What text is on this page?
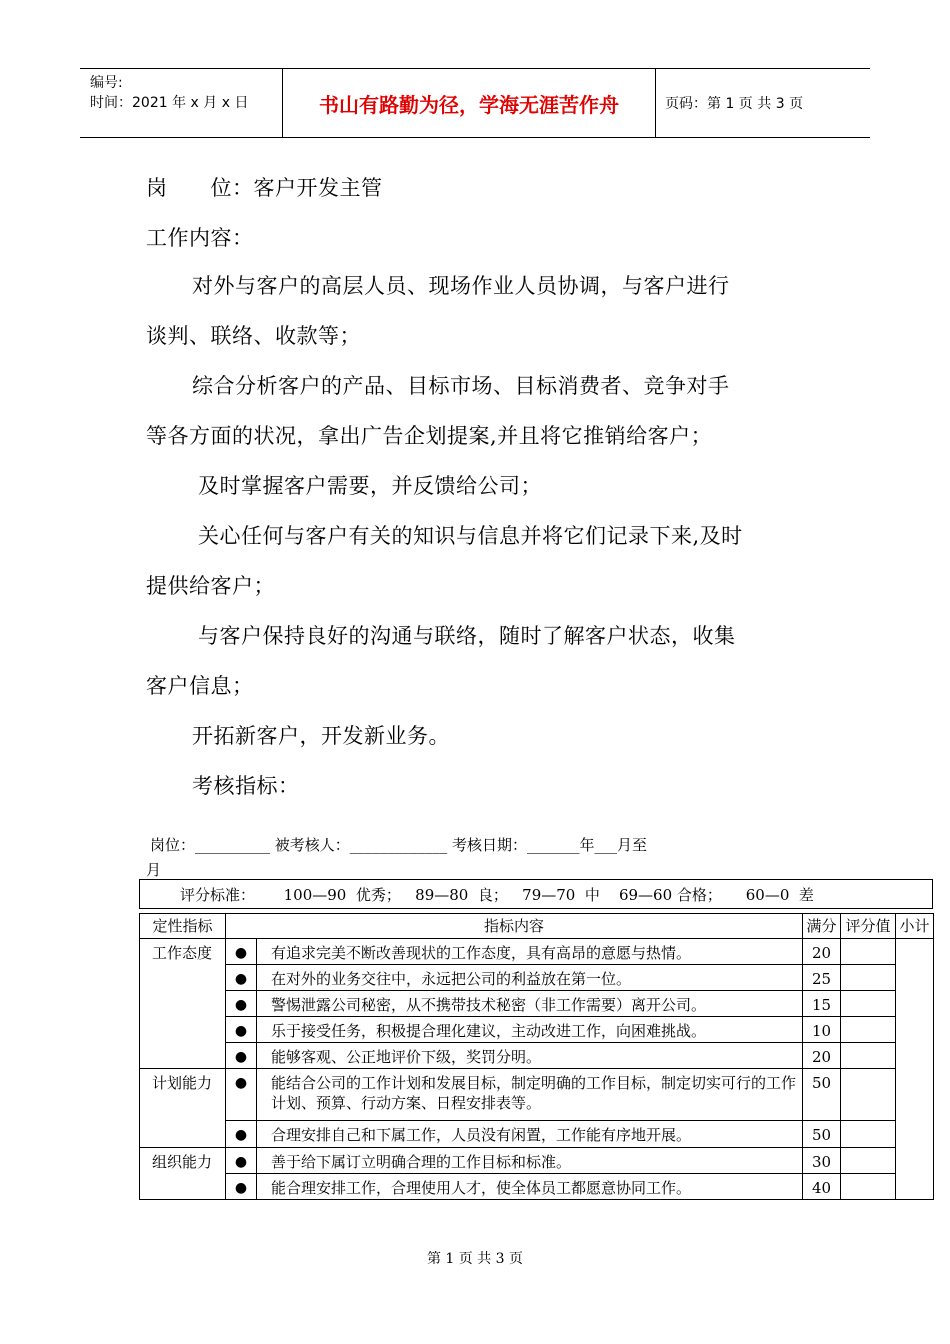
编号:
时间：2021 年 x 月 x 日	书山有路勤为径，学海无涯苦作舟	页码：第 1 页 共 3 页
岗　　位：客户开发主管
工作内容：
对外与客户的高层人员、现场作业人员协调，与客户进行
谈判、联络、收款等；
综合分析客户的产品、目标市场、目标消费者、竞争对手
等各方面的状况，拿出广告企划提案,并且将它推销给客户；
及时掌握客户需要，并反馈给公司；
关心任何与客户有关的知识与信息并将它们记录下来,及时
提供给客户；
与客户保持良好的沟通与联络，随时了解客户状态，收集
客户信息；
开拓新客户，开发新业务。
考核指标：
岗位：__________ 被考核人：_____________ 考核日期：_______年___月至
月
评分标准：      100—90  优秀；   89—80  良；   79—70  中    69—60 合格；     60—0  差
定性指标	指标内容		满分	评分值	小计
工作态度	●	有追求完美不断改善现状的工作态度，具有高昂的意愿与热情。	20		
	●	在对外的业务交往中，永远把公司的利益放在第一位。	25		
	●	警惕泄露公司秘密，从不携带技术秘密（非工作需要）离开公司。	15		
	●	乐于接受任务，积极提合理化建议，主动改进工作，向困难挑战。	10		
	●	能够客观、公正地评价下级，奖罚分明。	20		
计划能力	●	能结合公司的工作计划和发展目标，制定明确的工作目标，制定切实可行的工作计划、预算、行动方案、日程安排表等。	50		
	●	合理安排自己和下属工作，人员没有闲置，工作能有序地开展。	50		
组织能力	●	善于给下属订立明确合理的工作目标和标准。	30		
	●	能合理安排工作，合理使用人才，使全体员工都愿意协同工作。	40		
第 1 页 共 3 页
